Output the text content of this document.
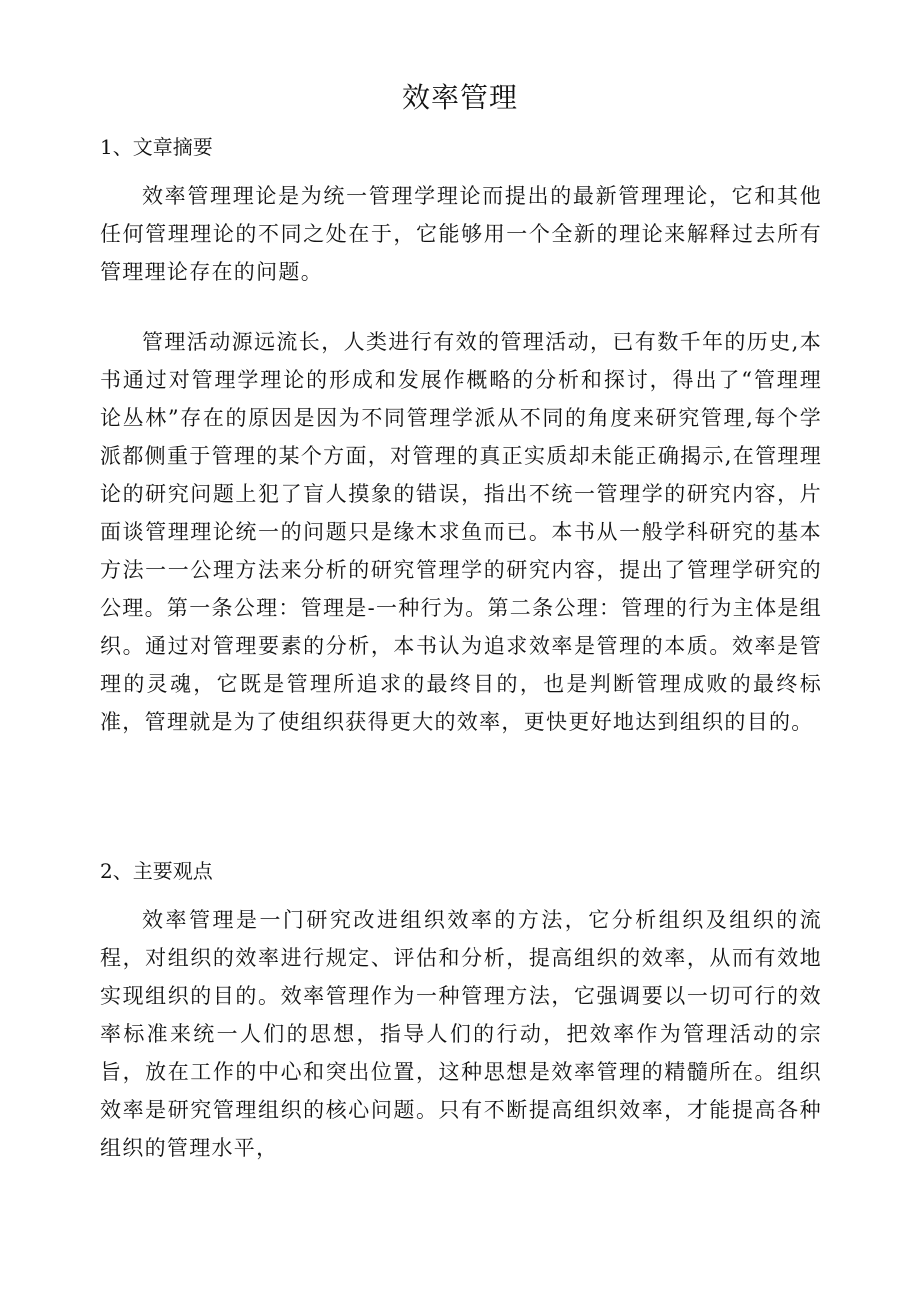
效率管理
1、文章摘要

效率管理理论是为统一管理学理论而提出的最新管理理论，它和其他任何管理理论的不同之处在于，它能够用一个全新的理论来解释过去所有管理理论存在的问题。

管理活动源远流长，人类进行有效的管理活动，已有数千年的历史,本书通过对管理学理论的形成和发展作概略的分析和探讨，得出了“管理理论丛林”存在的原因是因为不同管理学派从不同的角度来研究管理,每个学派都侧重于管理的某个方面，对管理的真正实质却未能正确揭示,在管理理论的研究问题上犯了盲人摸象的错误，指出不统一管理学的研究内容，片面谈管理理论统一的问题只是缘木求鱼而已。本书从一般学科研究的基本方法一一公理方法来分析的研究管理学的研究内容，提出了管理学研究的公理。第一条公理：管理是-一种行为。第二条公理：管理的行为主体是组织。通过对管理要素的分析，本书认为追求效率是管理的本质。效率是管理的灵魂，它既是管理所追求的最终目的，也是判断管理成败的最终标准，管理就是为了使组织获得更大的效率，更快更好地达到组织的目的。

2、主要观点

效率管理是一门研究改进组织效率的方法，它分析组织及组织的流程，对组织的效率进行规定、评估和分析，提高组织的效率，从而有效地实现组织的目的。效率管理作为一种管理方法，它强调要以一切可行的效率标准来统一人们的思想，指导人们的行动，把效率作为管理活动的宗旨，放在工作的中心和突出位置，这种思想是效率管理的精髓所在。组织效率是研究管理组织的核心问题。只有不断提高组织效率，才能提高各种组织的管理水平，
